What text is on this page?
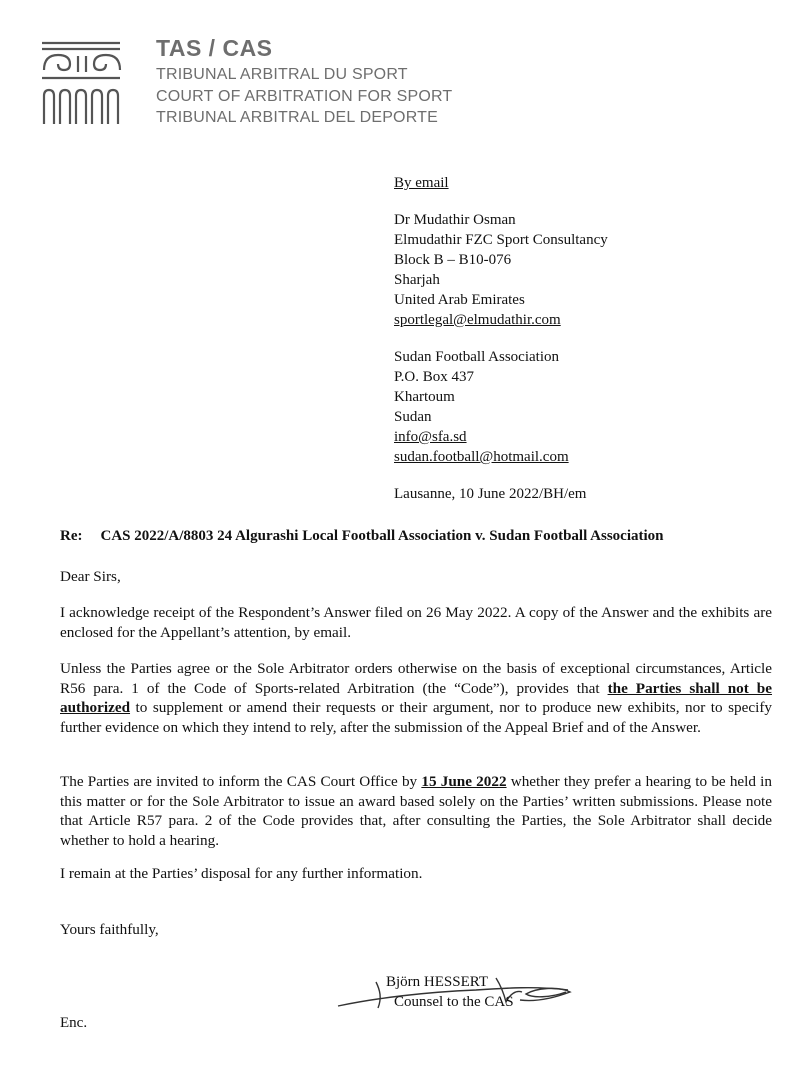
TAS / CAS
TRIBUNAL ARBITRAL DU SPORT
COURT OF ARBITRATION FOR SPORT
TRIBUNAL ARBITRAL DEL DEPORTE
By email
Dr Mudathir Osman
Elmudathir FZC Sport Consultancy
Block B – B10-076
Sharjah
United Arab Emirates
sportlegal@elmudathir.com
Sudan Football Association
P.O. Box 437
Khartoum
Sudan
info@sfa.sd
sudan.football@hotmail.com
Lausanne, 10 June 2022/BH/em
Re: CAS 2022/A/8803 24 Algurashi Local Football Association v. Sudan Football Association
Dear Sirs,
I acknowledge receipt of the Respondent’s Answer filed on 26 May 2022. A copy of the Answer and the exhibits are enclosed for the Appellant’s attention, by email.
Unless the Parties agree or the Sole Arbitrator orders otherwise on the basis of exceptional circumstances, Article R56 para. 1 of the Code of Sports-related Arbitration (the “Code”), provides that the Parties shall not be authorized to supplement or amend their requests or their argument, nor to produce new exhibits, nor to specify further evidence on which they intend to rely, after the submission of the Appeal Brief and of the Answer.
The Parties are invited to inform the CAS Court Office by 15 June 2022 whether they prefer a hearing to be held in this matter or for the Sole Arbitrator to issue an award based solely on the Parties’ written submissions. Please note that Article R57 para. 2 of the Code provides that, after consulting the Parties, the Sole Arbitrator shall decide whether to hold a hearing.
I remain at the Parties’ disposal for any further information.
Yours faithfully,
Björn HESSERT
Counsel to the CAS
Enc.
